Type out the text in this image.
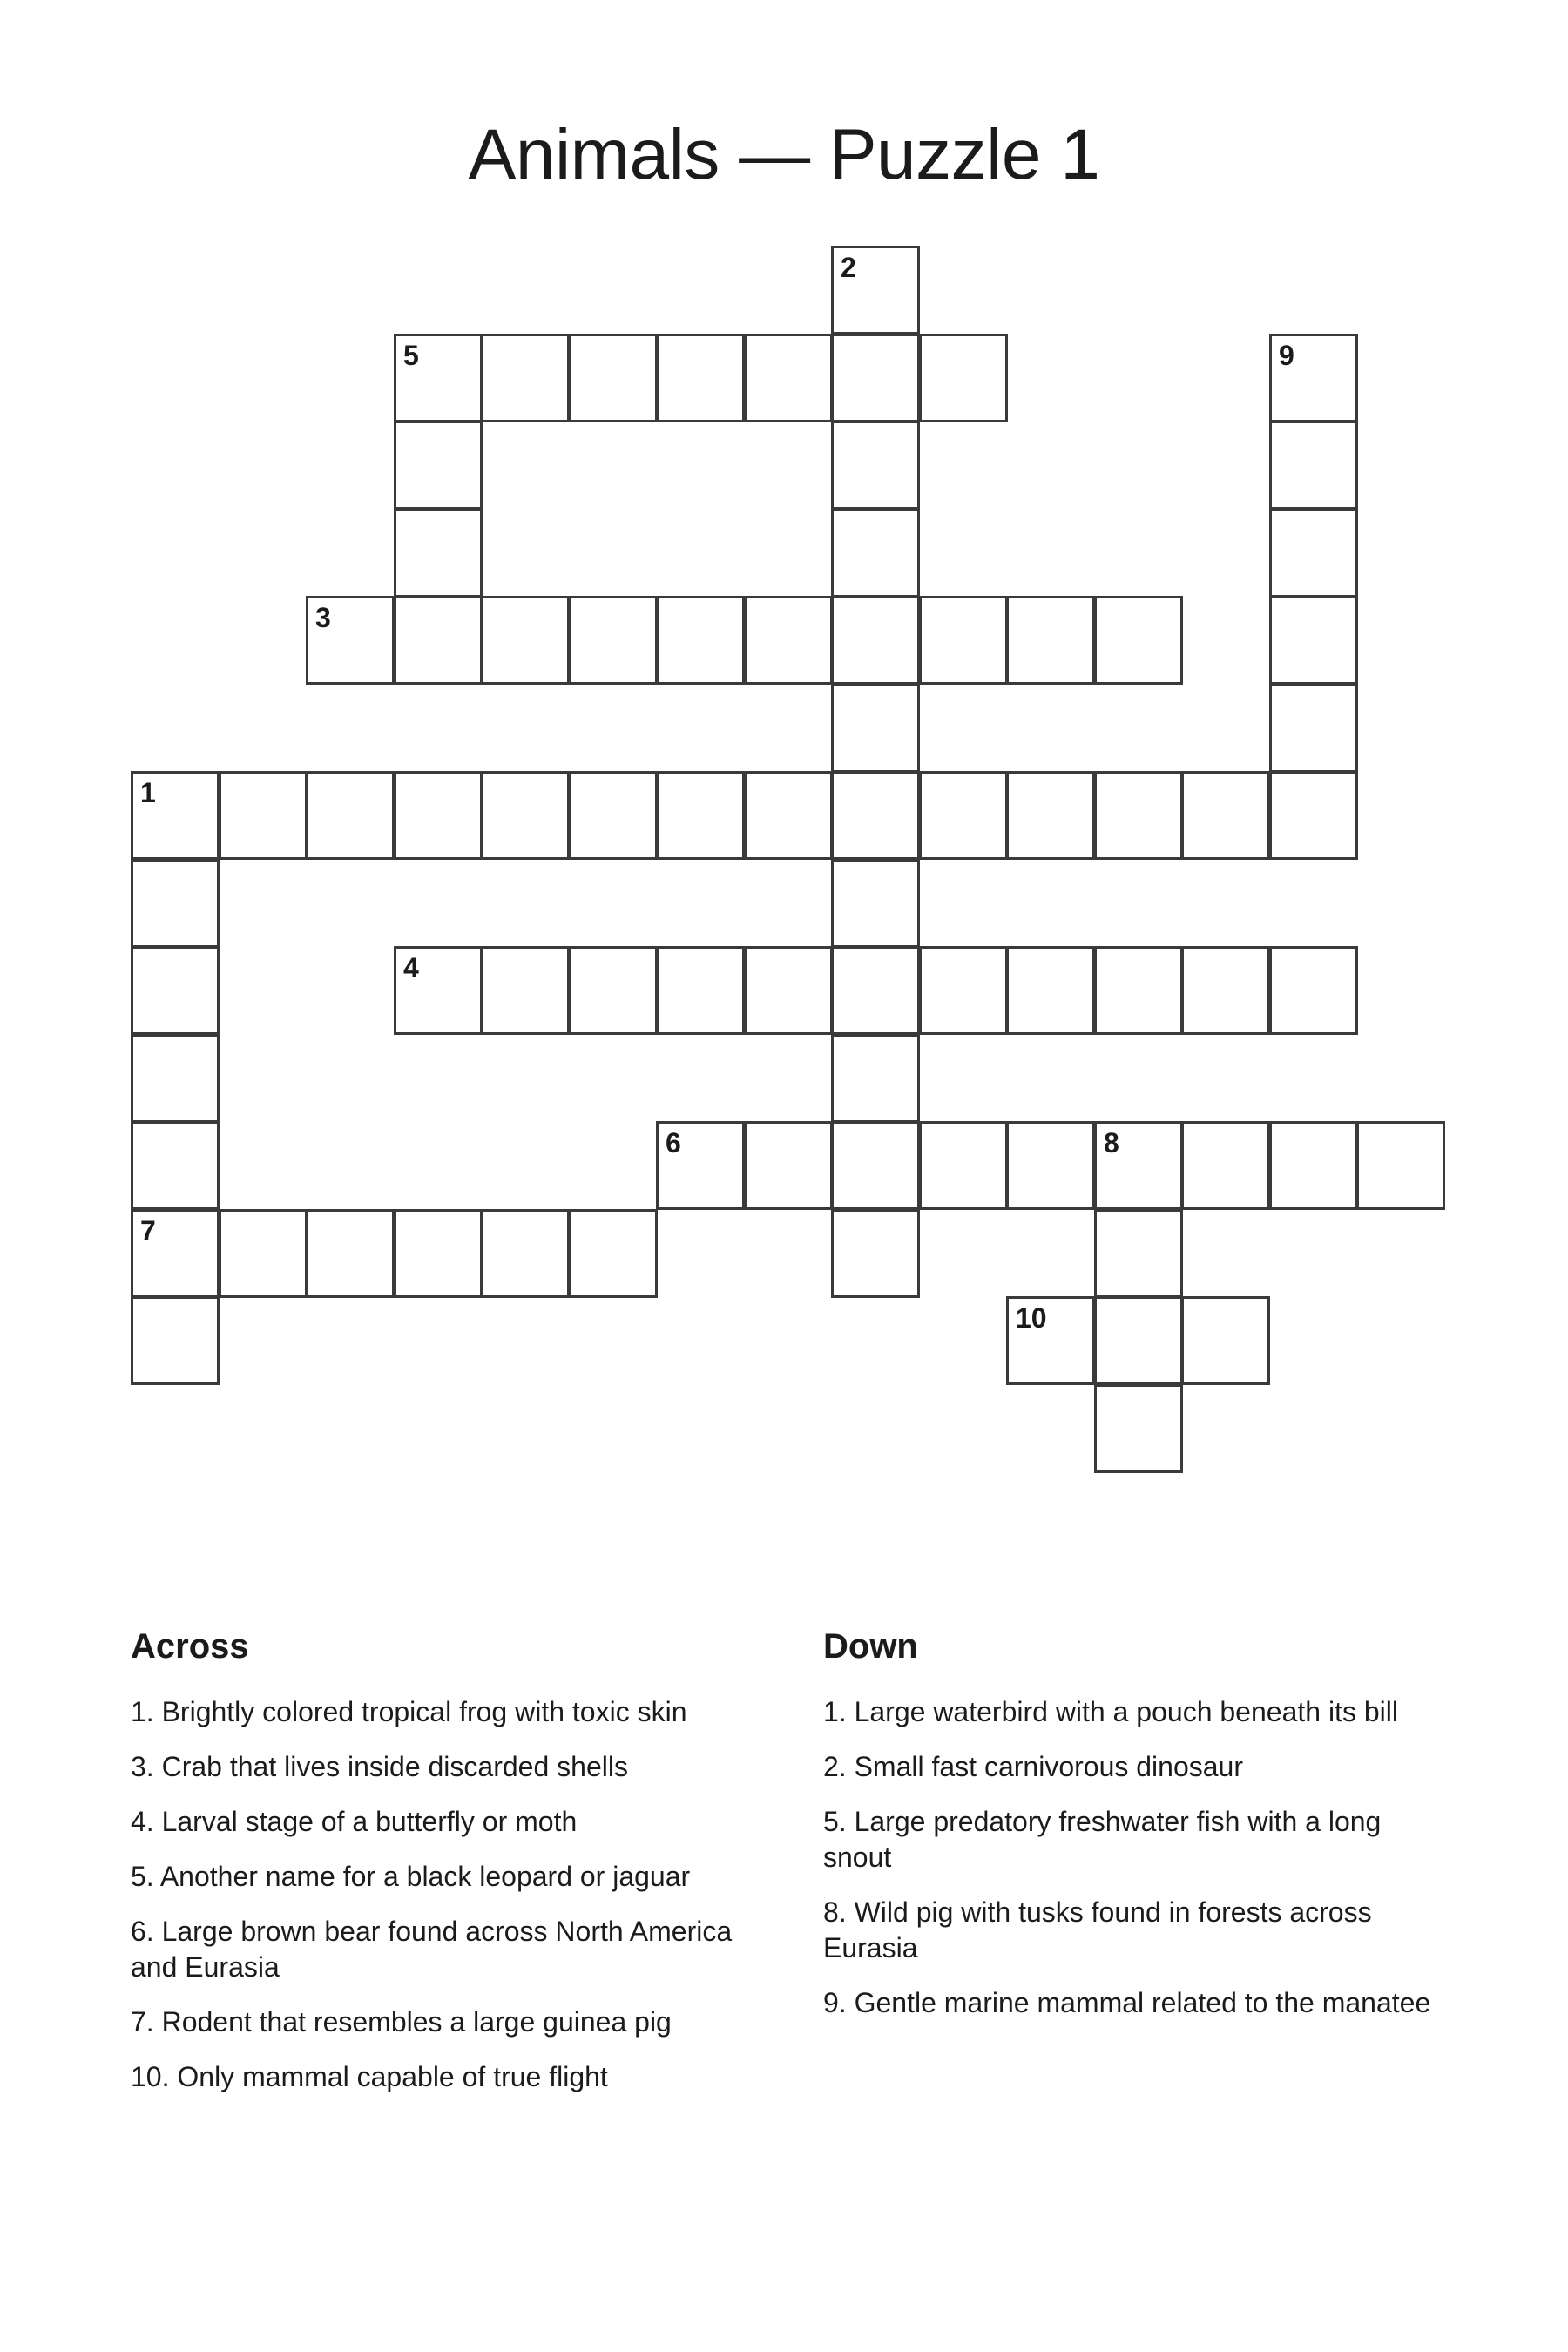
Animals — Puzzle 1
1
3
4
5
6	8
7
10
2
9
Across
1. Brightly colored tropical frog with toxic skin
3. Crab that lives inside discarded shells
4. Larval stage of a butterfly or moth
5. Another name for a black leopard or jaguar
6. Large brown bear found across North America and Eurasia
7. Rodent that resembles a large guinea pig
10. Only mammal capable of true flight
Down
1. Large waterbird with a pouch beneath its bill
2. Small fast carnivorous dinosaur
5. Large predatory freshwater fish with a long snout
8. Wild pig with tusks found in forests across Eurasia
9. Gentle marine mammal related to the manatee
